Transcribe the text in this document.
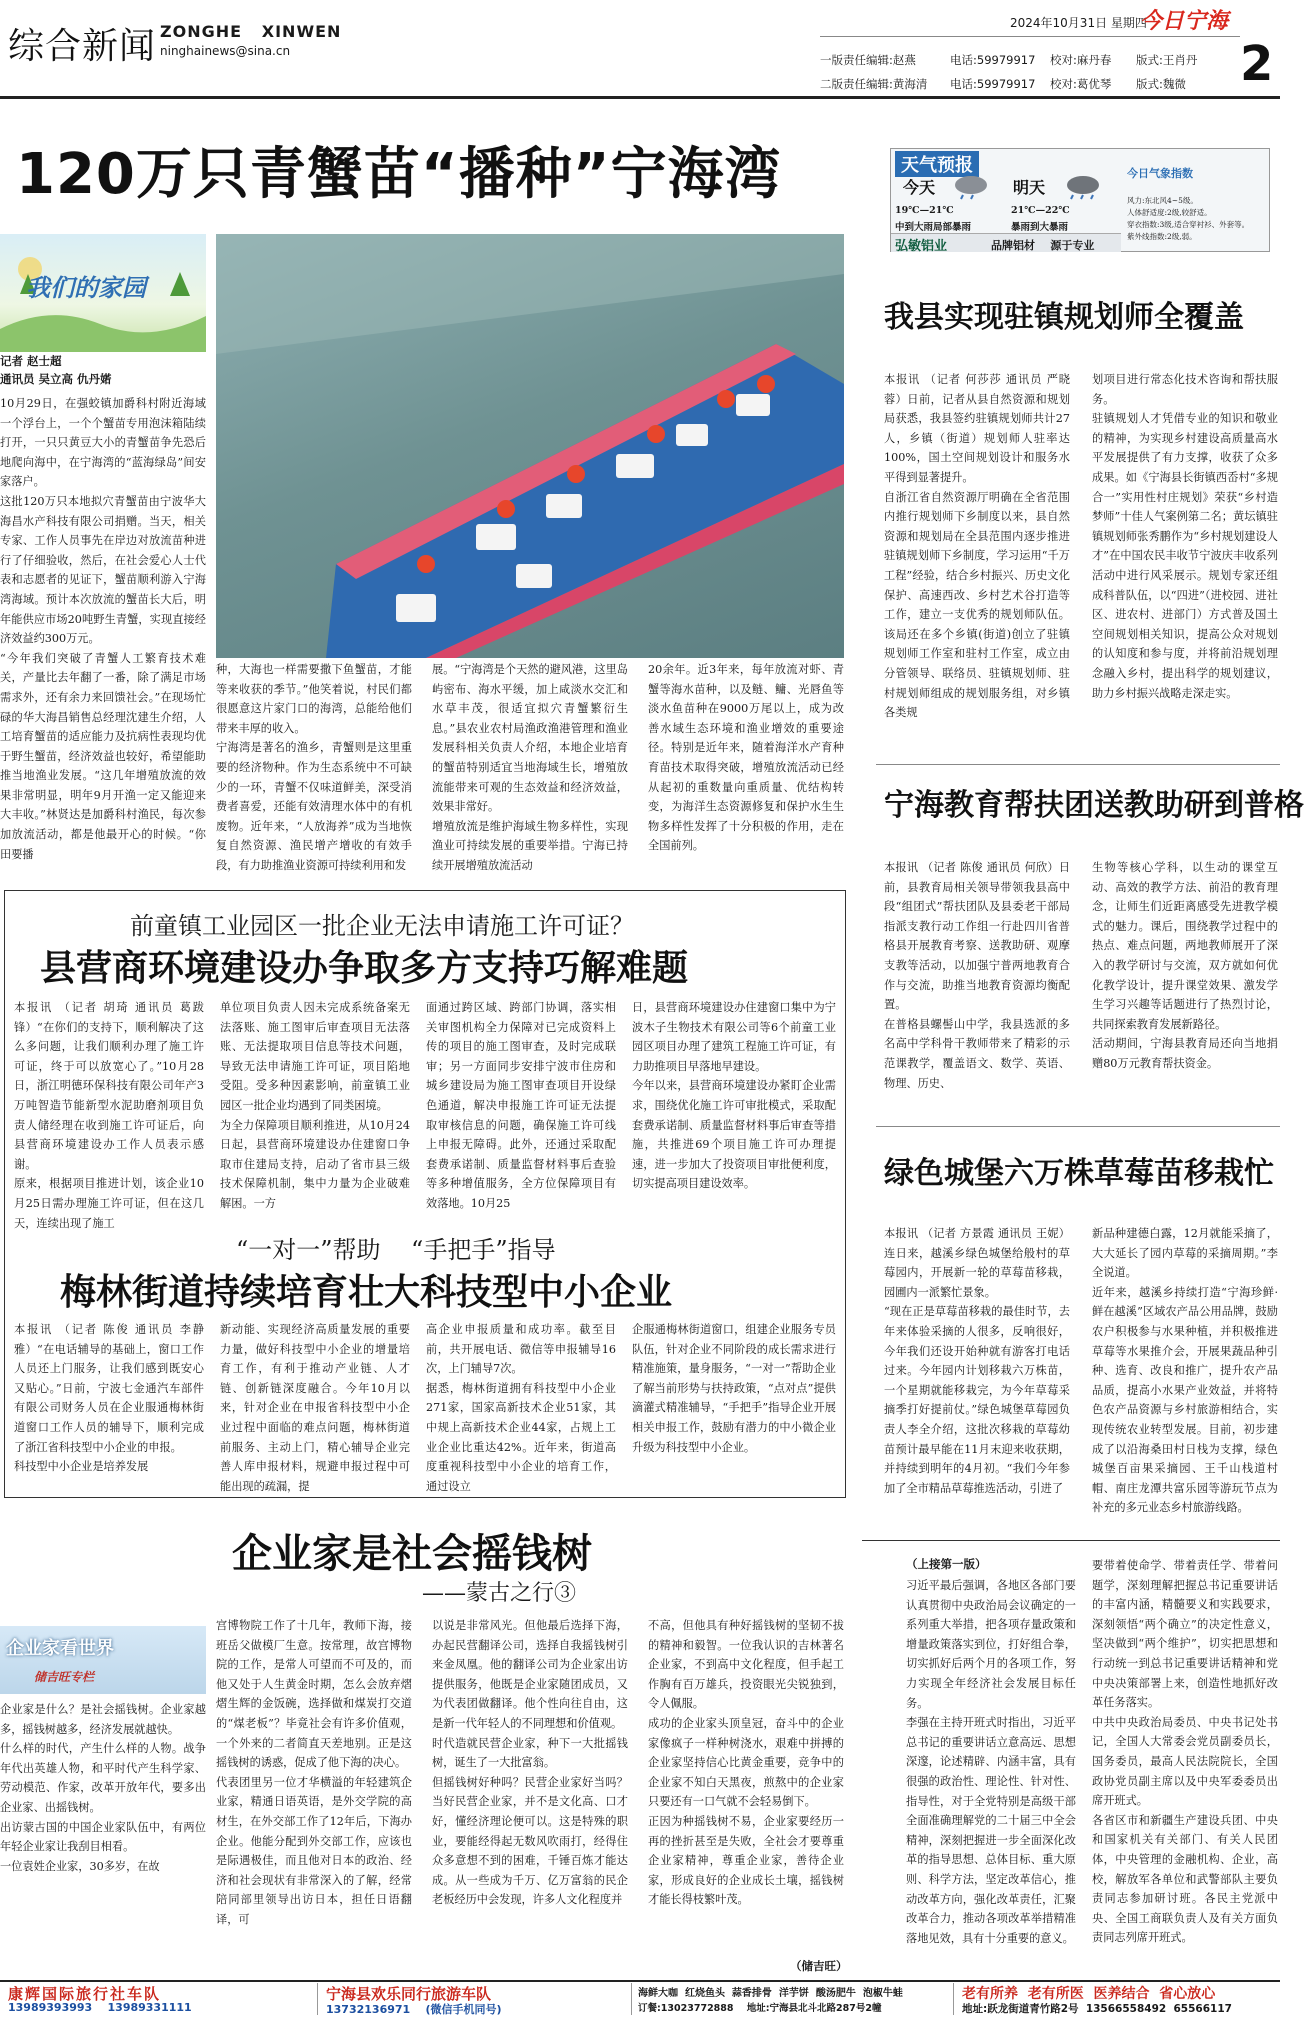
综合新闻 ZONGHE   XINWEN
ninghainews@sina.cn
2024年10月31日 星期四
今日宁海
2
一版责任编辑:赵燕	电话:59979917 校对:麻丹春 版式:王肖丹
二版责任编辑:黄海清 电话:59979917 校对:葛优琴 版式:魏微
120万只青蟹苗“播种”宁海湾
我们的家园
记者 赵士超
通讯员 吴立高 仇丹婼
10月29日，在强蛟镇加爵科村附近海域一个浮台上，一个个蟹苗专用泡沫箱陆续打开，一只只黄豆大小的青蟹苗争先恐后地爬向海中，在宁海湾的“蓝海绿岛”间安家落户。
这批120万只本地拟穴青蟹苗由宁波华大海昌水产科技有限公司捐赠。当天，相关专家、工作人员事先在岸边对放流苗种进行了仔细验收，然后，在社会爱心人士代表和志愿者的见证下，蟹苗顺利游入宁海湾海域。预计本次放流的蟹苗长大后，明年能供应市场20吨野生青蟹，实现直接经济效益约300万元。
“今年我们突破了青蟹人工繁育技术难关，产量比去年翻了一番，除了满足市场需求外，还有余力来回馈社会。”在现场忙碌的华大海昌销售总经理沈建生介绍，人工培育蟹苗的适应能力及抗病性表现均优于野生蟹苗，经济效益也较好，希望能助推当地渔业发展。“这几年增殖放流的效果非常明显，明年9月开渔一定又能迎来大丰收。”林贤达是加爵科村渔民，每次参加放流活动，都是他最开心的时候。“你田要播
种，大海也一样需要撒下鱼蟹苗，才能等来收获的季节。”他笑着说，村民们都很愿意这片家门口的海湾，总能给他们带来丰厚的收入。
宁海湾是著名的渔乡，青蟹则是这里重要的经济物种。作为生态系统中不可缺少的一环，青蟹不仅味道鲜美，深受消费者喜爱，还能有效清理水体中的有机废物。近年来，“人放海养”成为当地恢复自然资源、渔民增产增收的有效手段，有力助推渔业资源可持续利用和发
展。“宁海湾是个天然的避风港，这里岛屿密布、海水平缓，加上咸淡水交汇和水草丰茂，很适宜拟穴青蟹繁衍生息。”县农业农村局渔政渔港管理和渔业发展科相关负责人介绍，本地企业培育的蟹苗特别适宜当地海域生长，增殖放流能带来可观的生态效益和经济效益，效果非常好。
增殖放流是维护海域生物多样性，实现渔业可持续发展的重要举措。宁海已持续开展增殖放流活动
20余年。近3年来，每年放流对虾、青蟹等海水苗种，以及鲢、鳙、光唇鱼等淡水鱼苗种在9000万尾以上，成为改善水域生态环境和渔业增效的重要途径。特别是近年来，随着海洋水产育种育苗技术取得突破，增殖放流活动已经从起初的重数量向重质量、优结构转变，为海洋生态资源修复和保护水生生物多样性发挥了十分积极的作用，走在全国前列。
天气预报
今天
19℃—21℃
中到大雨局部暴雨
明天
21℃—22℃
暴雨到大暴雨
今日气象指数
风力:东北风4~5级。
人体舒适度:2级,较舒适。
穿衣指数:3级,适合穿衬衫、外套等。
紫外线指数:2级,弱。
弘敏铝业	品牌铝材    源于专业
我县实现驻镇规划师全覆盖
本报讯 （记者 何莎莎 通讯员 严晓蓉）日前，记者从县自然资源和规划局获悉，我县签约驻镇规划师共计27人，乡镇（街道）规划师人驻率达100%，国土空间规划设计和服务水平得到显著提升。
自浙江省自然资源厅明确在全省范围内推行规划师下乡制度以来，县自然资源和规划局在全县范围内逐步推进驻镇规划师下乡制度，学习运用“千万工程”经验，结合乡村振兴、历史文化保护、高速西改、乡村艺术谷打造等工作，建立一支优秀的规划师队伍。该局还在多个乡镇(街道)创立了驻镇规划师工作室和驻村工作室，成立由分管领导、联络员、驻镇规划师、驻村规划师组成的规划服务组，对乡镇各类规
划项目进行常态化技术咨询和帮扶服务。
驻镇规划人才凭借专业的知识和敬业的精神，为实现乡村建设高质量高水平发展提供了有力支撑，收获了众多成果。如《宁海县长街镇西岙村“多规合一”实用性村庄规划》荣获“乡村造梦师”十佳人气案例第二名；黄坛镇驻镇规划师张秀鹏作为“乡村规划建设人才”在中国农民丰收节宁波庆丰收系列活动中进行风采展示。规划专家还组成科普队伍，以“四进”（进校园、进社区、进农村、进部门）方式普及国土空间规划相关知识，提高公众对规划的认知度和参与度，并将前沿规划理念融入乡村，提出科学的规划建议，助力乡村振兴战略走深走实。
宁海教育帮扶团送教助研到普格
本报讯 （记者 陈俊 通讯员 何欣）日前，县教育局相关领导带领我县高中段“组团式”帮扶团队及县委老干部局指派支教行动工作组一行赴四川省普格县开展教育考察、送教助研、观摩支教等活动，以加强宁普两地教育合作与交流，助推当地教育资源均衡配置。
在普格县螺髻山中学，我县选派的多名高中学科骨干教师带来了精彩的示范课教学，覆盖语文、数学、英语、物理、历史、
生物等核心学科，以生动的课堂互动、高效的教学方法、前沿的教育理念，让师生们近距离感受先进教学模式的魅力。课后，围绕教学过程中的热点、难点问题，两地教师展开了深入的教学研讨与交流，双方就如何优化教学设计，提升课堂效果、激发学生学习兴趣等话题进行了热烈讨论，共同探索教育发展新路径。
活动期间，宁海县教育局还向当地捐赠80万元教育帮扶资金。
绿色城堡六万株草莓苗移栽忙
本报讯 （记者 方景霞 通讯员 王妮）连日来，越溪乡绿色城堡给般村的草莓园内，开展新一轮的草莓苗移栽，园圃内一派繁忙景象。
“现在正是草莓苗移栽的最佳时节，去年来体验采摘的人很多，反响很好，今年我们还设开始种就有游客打电话过来。今年园内计划移栽六万株苗，一个星期就能移栽完，为今年草莓采摘季打好提前仗。”绿色城堡草莓园负责人李全介绍，这批次移栽的草莓幼苗预计最早能在11月末迎来收获期，并持续到明年的4月初。“我们今年参加了全市精品草莓推选活动，引进了
新品种建德白露，12月就能采摘了，大大延长了园内草莓的采摘周期。”李全说道。
近年来，越溪乡持续打造“宁海珍鲜·鲜在越溪”区域农产品公用品牌，鼓励农户积极参与水果种植，并积极推进草莓等水果推介会，开展果蔬品种引种、选育、改良和推广，提升农产品品质，提高小水果产业效益，并将特色农产品资源与乡村旅游相结合，实现传统农业转型发展。目前，初步建成了以沿海桑田村日栈为支撑，绿色城堡百亩果采摘园、王千山栈道村帽、南庄龙潭共富乐园等游玩节点为补充的多元业态乡村旅游线路。
前童镇工业园区一批企业无法申请施工许可证？
县营商环境建设办争取多方支持巧解难题
本报讯 （记者 胡琦 通讯员 葛跋锋）“在你们的支持下，顺利解决了这么多问题，让我们顺利办理了施工许可证，终于可以放宽心了。”10月28日，浙江明德环保科技有限公司年产3万吨智造节能新型水泥助磨剂项目负责人储经理在收到施工许可证后，向县营商环境建设办工作人员表示感谢。
原来，根据项目推进计划，该企业10月25日需办理施工许可证，但在这几天，连续出现了施工
单位项目负责人因未完成系统备案无法落账、施工图审后审查项目无法落账、无法提取项目信息等技术问题，导致无法申请施工许可证，项目陷地受阻。受多种因素影响，前童镇工业园区一批企业均遇到了同类困境。
为全力保障项目顺利推进，从10月24日起，县营商环境建设办住建窗口争取市住建局支持，启动了省市县三级技术保障机制，集中力量为企业破难解困。一方
面通过跨区域、跨部门协调，落实相关审图机构全力保障对已完成资料上传的项目的施工图审查，及时完成联审；另一方面同步安排宁波市住房和城乡建设局为施工图审查项目开设绿色通道，解决申报施工许可证无法提取审核信息的问题，确保施工许可线上申报无障碍。此外，还通过采取配套费承诺制、质量监督材料事后查验等多种增值服务，全方位保障项目有效落地。10月25
日，县营商环境建设办住建窗口集中为宁波木子生物技术有限公司等6个前童工业园区项目办理了建筑工程施工许可证，有力助推项目早落地早建设。
今年以来，县营商环境建设办紧盯企业需求，围绕优化施工许可审批模式，采取配套费承诺制、质量监督材料事后审查等措施，共推进69个项目施工许可办理提速，进一步加大了投资项目审批便利度，切实提高项目建设效率。
“一对一”帮助    “手把手”指导
梅林街道持续培育壮大科技型中小企业
本报讯 （记者 陈俊 通讯员 李静雅）“在电话辅导的基础上，窗口工作人员还上门服务，让我们感到既安心又贴心。”日前，宁波七金通汽车部件有限公司财务人员在企业服通梅林街道窗口工作人员的辅导下，顺利完成了浙江省科技型中小企业的申报。
科技型中小企业是培养发展
新动能、实现经济高质量发展的重要力量，做好科技型中小企业的增量培育工作，有利于推动产业链、人才链、创新链深度融合。今年10月以来，针对企业在申报省科技型中小企业过程中面临的难点问题，梅林街道前服务、主动上门，精心辅导企业完善人库申报材料，规避申报过程中可能出现的疏漏，提
高企业申报质量和成功率。截至目前，共开展电话、微信等申报辅导16次，上门辅导7次。
据悉，梅林街道拥有科技型中小企业271家，国家高新技术企业51家，其中规上高新技术企业44家，占规上工业企业比重达42%。近年来，街道高度重视科技型中小企业的培育工作，通过设立
企服通梅林街道窗口，组建企业服务专员队伍，针对企业不同阶段的成长需求进行精准施策，量身服务，“一对一”帮助企业了解当前形势与扶持政策，“点对点”提供滴灌式精准辅导，“手把手”指导企业开展相关申报工作，鼓励有潜力的中小微企业升级为科技型中小企业。
企业家是社会摇钱树
——蒙古之行③
企业家看世界
储吉旺专栏
企业家是什么？是社会摇钱树。企业家越多，摇钱树越多，经济发展就越快。
什么样的时代，产生什么样的人物。战争年代出英雄人物，和平时代产生科学家、劳动模范、作家，改革开放年代，要多出企业家、出摇钱树。
出访蒙古国的中国企业家队伍中，有两位年轻企业家让我刮目相看。
一位袁姓企业家，30多岁，在故
宫博物院工作了十几年，教师下海，接班岳父做模厂生意。按常理，故宫博物院的工作，是常人可望而不可及的，而他又处于人生黄金时期，怎么会放弃熠熠生辉的金饭碗，选择做和煤炭打交道的“煤老板”？毕竟社会有许多价值观，一个外来的二者简直天差地别。正是这摇钱树的诱惑，促成了他下海的决心。
代表团里另一位才华横溢的年轻建筑企业家，精通日语英语，是外交学院的高材生，在外交部工作了12年后，下海办企业。他能分配到外交部工作，应该也是际遇极佳，而且他对日本的政治、经济和社会现状有非常深入的了解，经常陪同部里领导出访日本，担任日语翻译，可
以说是非常风光。但他最后选择下海，办起民营翻译公司，选择自我摇钱树引来金凤凰。他的翻译公司为企业家出访提供服务，他既是企业家随团成员，又为代表团做翻译。他个性向往自由，这是新一代年轻人的不同理想和价值观。
时代造就民营企业家，种下一大批摇钱树，诞生了一大批富翁。
但摇钱树好种吗？民营企业家好当吗？当好民营企业家，并不是文化高、口才好，懂经济理论便可以。这是特殊的职业，要能经得起无数风吹雨打，经得住众多意想不到的困难，千锤百炼才能达成。从一些成为千万、亿万富翁的民企老板经历中会发现，许多人文化程度并
不高，但他具有种好摇钱树的坚韧不拔的精神和毅智。一位我认识的吉林著名企业家，不到高中文化程度，但手起工作胸有百万雄兵，投资眼光尖锐独到，令人佩服。
成功的企业家头顶皇冠，奋斗中的企业家像疯子一样种树浇水，艰难中拼搏的企业家坚持信心比黄金重要，竞争中的企业家不知白天黑夜，煎熬中的企业家只要还有一口气就不会轻易倒下。
正因为种摇钱树不易，企业家要经历一再的挫折甚至是失败，全社会才要尊重企业家精神，尊重企业家，善待企业家，形成良好的企业成长土壤，摇钱树才能长得枝繁叶茂。
（储吉旺）
（上接第一版）
习近平最后强调，各地区各部门要认真贯彻中央政治局会议确定的一系列重大举措，把各项存量政策和增量政策落实到位，打好组合拳，切实抓好后两个月的各项工作，努力实现全年经济社会发展目标任务。
李强在主持开班式时指出，习近平总书记的重要讲话立意高远、思想深邃，论述精辟、内涵丰富，具有很强的政治性、理论性、针对性、指导性，对于全党特别是高级干部全面准确理解党的二十届三中全会精神，深刻把握进一步全面深化改革的指导思想、总体目标、重大原则、科学方法，坚定改革信心，推动改革方向，强化改革责任，汇聚改革合力，推动各项改革举措精准落地见效，具有十分重要的意义。
要带着使命学、带着责任学、带着问题学，深刻理解把握总书记重要讲话的丰富内涵，精髓要义和实践要求，深刻领悟“两个确立”的决定性意义，坚决做到“两个维护”，切实把思想和行动统一到总书记重要讲话精神和党中央决策部署上来，创造性地抓好改革任务落实。
中共中央政治局委员、中央书记处书记，全国人大常委会党员副委员长，国务委员，最高人民法院院长，全国政协党员副主席以及中央军委委员出席开班式。
各省区市和新疆生产建设兵团、中央和国家机关有关部门、有关人民团体，中央管理的金融机构、企业，高校，解放军各单位和武警部队主要负责同志参加研讨班。各民主党派中央、全国工商联负责人及有关方面负责同志列席开班式。
康辉国际旅行社车队
13989393993    13989331111
宁海县欢乐同行旅游车队
13732136971    (微信手机同号)
海鲜大咖  红烧鱼头  蒜香排骨  洋芋饼  酸汤肥牛  泡椒牛蛙
订餐:13023772888    地址:宁海县北斗北路287号2幢
老有所养  老有所医  医养结合  省心放心
地址:跃龙街道青竹路2号  13566558492  65566117
